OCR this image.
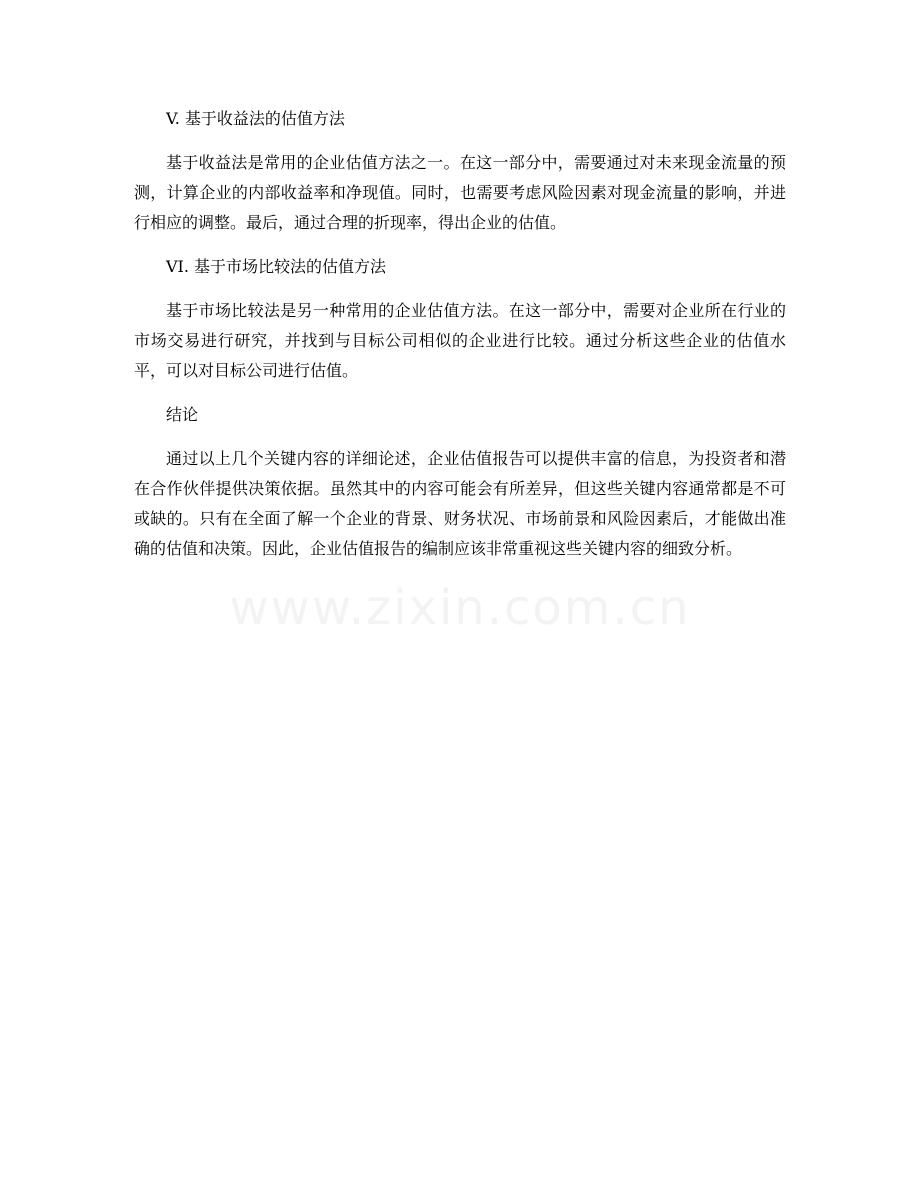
www.zixin.com.cn
V. 基于收益法的估值方法

基于收益法是常用的企业估值方法之一。在这一部分中，需要通过对未来现金流量的预测，计算企业的内部收益率和净现值。同时，也需要考虑风险因素对现金流量的影响，并进行相应的调整。最后，通过合理的折现率，得出企业的估值。

VI. 基于市场比较法的估值方法

基于市场比较法是另一种常用的企业估值方法。在这一部分中，需要对企业所在行业的市场交易进行研究，并找到与目标公司相似的企业进行比较。通过分析这些企业的估值水平，可以对目标公司进行估值。

结论

通过以上几个关键内容的详细论述，企业估值报告可以提供丰富的信息，为投资者和潜在合作伙伴提供决策依据。虽然其中的内容可能会有所差异，但这些关键内容通常都是不可或缺的。只有在全面了解一个企业的背景、财务状况、市场前景和风险因素后，才能做出准确的估值和决策。因此，企业估值报告的编制应该非常重视这些关键内容的细致分析。
